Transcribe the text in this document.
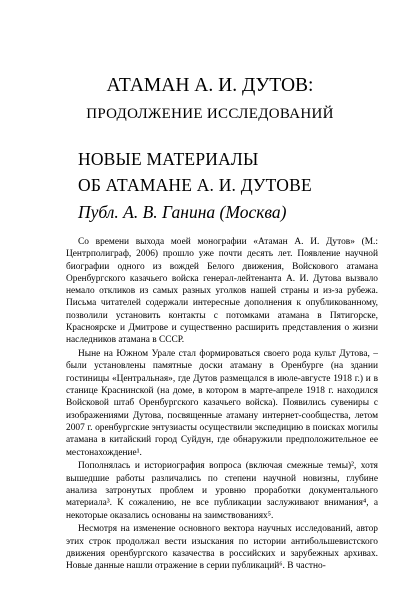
АТАМАН А. И. ДУТОВ:
ПРОДОЛЖЕНИЕ ИССЛЕДОВАНИЙ
НОВЫЕ МАТЕРИАЛЫ
ОБ АТАМАНЕ А. И. ДУТОВЕ
Публ. А. В. Ганина (Москва)

Со времени выхода моей монографии «Атаман А. И. Дутов» (М.: Центрполиграф, 2006) прошло уже почти десять лет. Появление научной биографии одного из вождей Белого движения, Войскового атамана Оренбургского казачьего войска генерал-лейтенанта А. И. Дутова вызвало немало откликов из самых разных уголков нашей страны и из-за рубежа. Письма читателей содержали интересные дополнения к опубликованному, позволили установить контакты с потомками атамана в Пятигорске, Красноярске и Дмитрове и существенно расширить представления о жизни наследников атамана в СССР.

Ныне на Южном Урале стал формироваться своего рода культ Дутова, – были установлены памятные доски атаману в Оренбурге (на здании гостиницы «Центральная», где Дутов размещался в июле-августе 1918 г.) и в станице Краснинской (на доме, в котором в марте-апреле 1918 г. находился Войсковой штаб Оренбургского казачьего войска). Появились сувениры с изображениями Дутова, посвященные атаману интернет-сообщества, летом 2007 г. оренбургские энтузиасты осуществили экспедицию в поисках могилы атамана в китайский город Суйдун, где обнаружили предположительное ее местонахождение¹.

Пополнялась и историография вопроса (включая смежные темы)², хотя вышедшие работы различались по степени научной новизны, глубине анализа затронутых проблем и уровню проработки документального материала³. К сожалению, не все публикации заслуживают внимания⁴, а некоторые оказались основаны на заимствованиях⁵.

Несмотря на изменение основного вектора научных исследований, автор этих строк продолжал вести изыскания по истории антибольшевистского движения оренбургского казачества в российских и зарубежных архивах. Новые данные нашли отражение в серии публикаций⁶. В частно-
